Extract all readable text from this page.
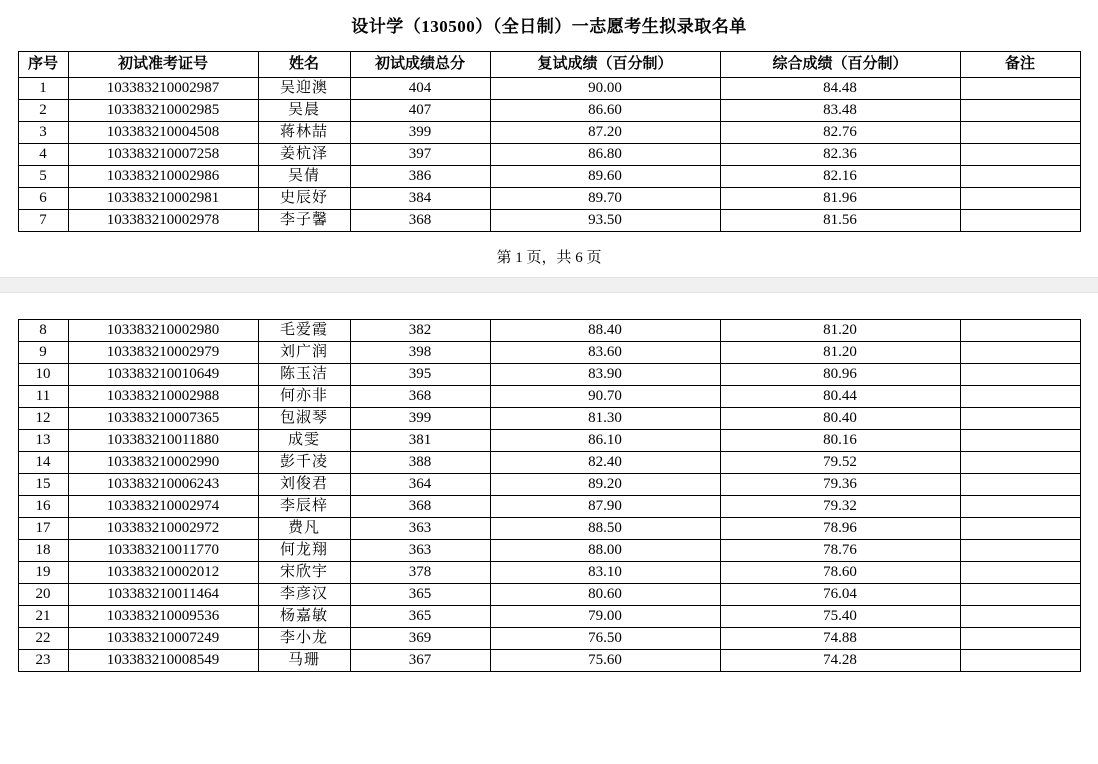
设计学（130500）（全日制）一志愿考生拟录取名单
序号	初试准考证号	姓名	初试成绩总分	复试成绩（百分制）	综合成绩（百分制）	备注
1	103383210002987	吴迎澳	404	90.00	84.48	
2	103383210002985	吴晨	407	86.60	83.48	
3	103383210004508	蒋林喆	399	87.20	82.76	
4	103383210007258	姜杭泽	397	86.80	82.36	
5	103383210002986	吴倩	386	89.60	82.16	
6	103383210002981	史辰妤	384	89.70	81.96	
7	103383210002978	李子馨	368	93.50	81.56	
第 1 页，共 6 页
8	103383210002980	毛爱霞	382	88.40	81.20	
9	103383210002979	刘广润	398	83.60	81.20	
10	103383210010649	陈玉洁	395	83.90	80.96	
11	103383210002988	何亦非	368	90.70	80.44	
12	103383210007365	包淑琴	399	81.30	80.40	
13	103383210011880	成雯	381	86.10	80.16	
14	103383210002990	彭千凌	388	82.40	79.52	
15	103383210006243	刘俊君	364	89.20	79.36	
16	103383210002974	李辰梓	368	87.90	79.32	
17	103383210002972	费凡	363	88.50	78.96	
18	103383210011770	何龙翔	363	88.00	78.76	
19	103383210002012	宋欣宇	378	83.10	78.60	
20	103383210011464	李彦汉	365	80.60	76.04	
21	103383210009536	杨嘉敏	365	79.00	75.40	
22	103383210007249	李小龙	369	76.50	74.88	
23	103383210008549	马珊	367	75.60	74.28	
